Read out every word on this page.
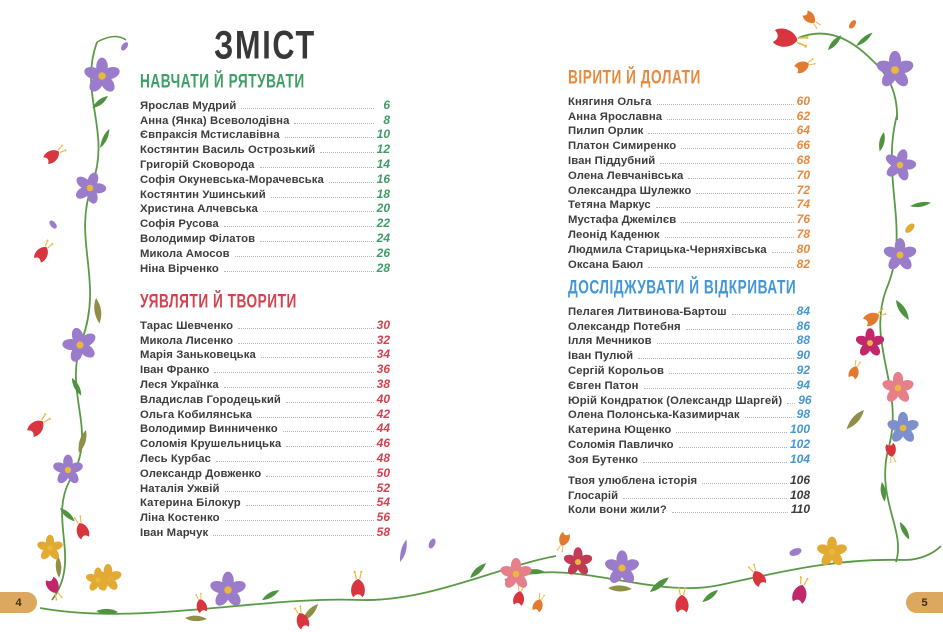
ЗМІСТ
НАВЧАТИ Й РЯТУВАТИ
Ярослав Мудрий	6
Анна (Янка) Всеволодівна	8
Євпраксія Мстиславівна	10
Костянтин Василь Острозький	12
Григорій Сковорода	14
Софія Окуневська-Морачевська	16
Костянтин Ушинський	18
Христина Алчевська	20
Софія Русова	22
Володимир Філатов	24
Микола Амосов	26
Ніна Вірченко	28
УЯВЛЯТИ Й ТВОРИТИ
Тарас Шевченко	30
Микола Лисенко	32
Марія Заньковецька	34
Іван Франко	36
Леся Українка	38
Владислав Городецький	40
Ольга Кобилянська	42
Володимир Винниченко	44
Соломія Крушельницька	46
Лесь Курбас	48
Олександр Довженко	50
Наталія Ужвій	52
Катерина Білокур	54
Ліна Костенко	56
Іван Марчук	58
ВІРИТИ Й ДОЛАТИ
Княгиня Ольга	60
Анна Ярославна	62
Пилип Орлик	64
Платон Симиренко	66
Іван Піддубний	68
Олена Левчанівська	70
Олександра Шулежко	72
Тетяна Маркус	74
Мустафа Джемілєв	76
Леонід Каденюк	78
Людмила Старицька-Черняхівська 80
Оксана Баюл	82
ДОСЛІДЖУВАТИ Й ВІДКРИВАТИ
Пелагея Литвинова-Бартош	84
Олександр Потебня	86
Ілля Мечников	88
Іван Пулюй	90
Сергій Корольов	92
Євген Патон	94
Юрій Кондратюк (Олександр Шаргей) 96
Олена Полонська-Казимирчак	98
Катерина Ющенко	100
Соломія Павличко	102
Зоя Бутенко	104
Твоя улюблена історія	106
Глосарій	108
Коли вони жили?	110
4	5
